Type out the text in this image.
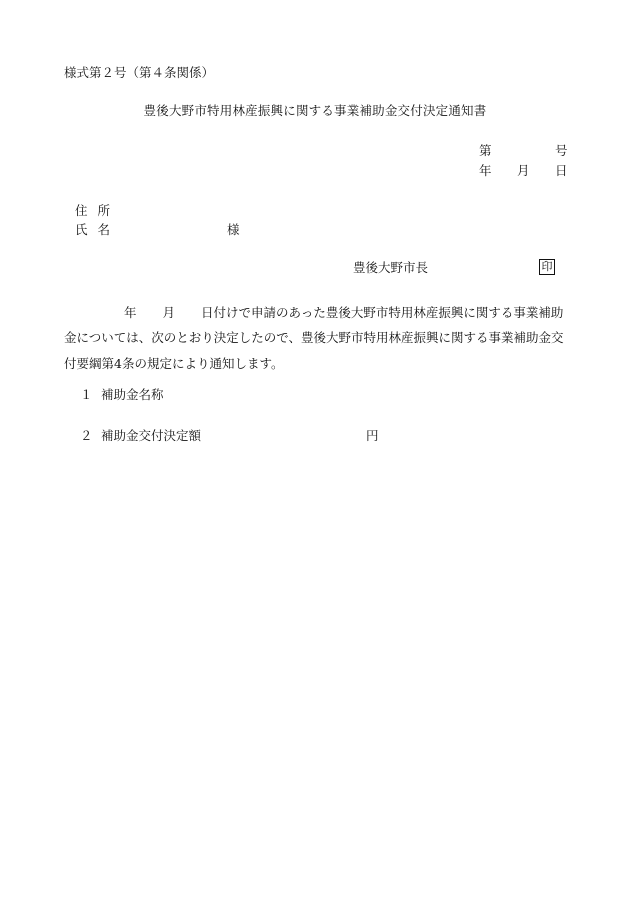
様式第２号（第４条関係）
豊後大野市特用林産振興に関する事業補助金交付決定通知書
第	号
年 月 日
住所
氏名	様
豊後大野市長	印
年 月 日付けで申請のあった豊後大野市特用林産振興に関する事業補助
金については、次のとおり決定したので、豊後大野市特用林産振興に関する事業補助金交
付要綱第4条の規定により通知します。
１ 補助金名称
２ 補助金交付決定額	円
